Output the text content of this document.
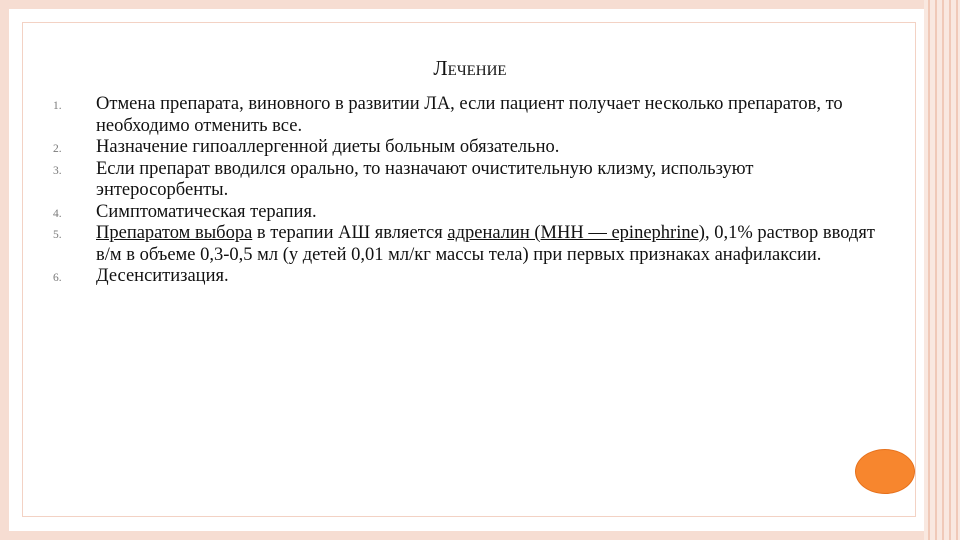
Лечение
1. Отмена препарата, виновного в развитии ЛА, если пациент получает несколько препаратов, то необходимо отменить все.
2. Назначение гипоаллергенной диеты больным обязательно.
3. Если препарат вводился орально, то назначают очистительную клизму, используют энтеросорбенты.
4. Симптоматическая терапия.
5. Препаратом выбора в терапии АШ является адреналин (МНН — epinephrine), 0,1% раствор вводят в/м в объеме 0,3-0,5 мл (у детей 0,01 мл/кг массы тела) при первых признаках анафилаксии.
6. Десенситизация.
